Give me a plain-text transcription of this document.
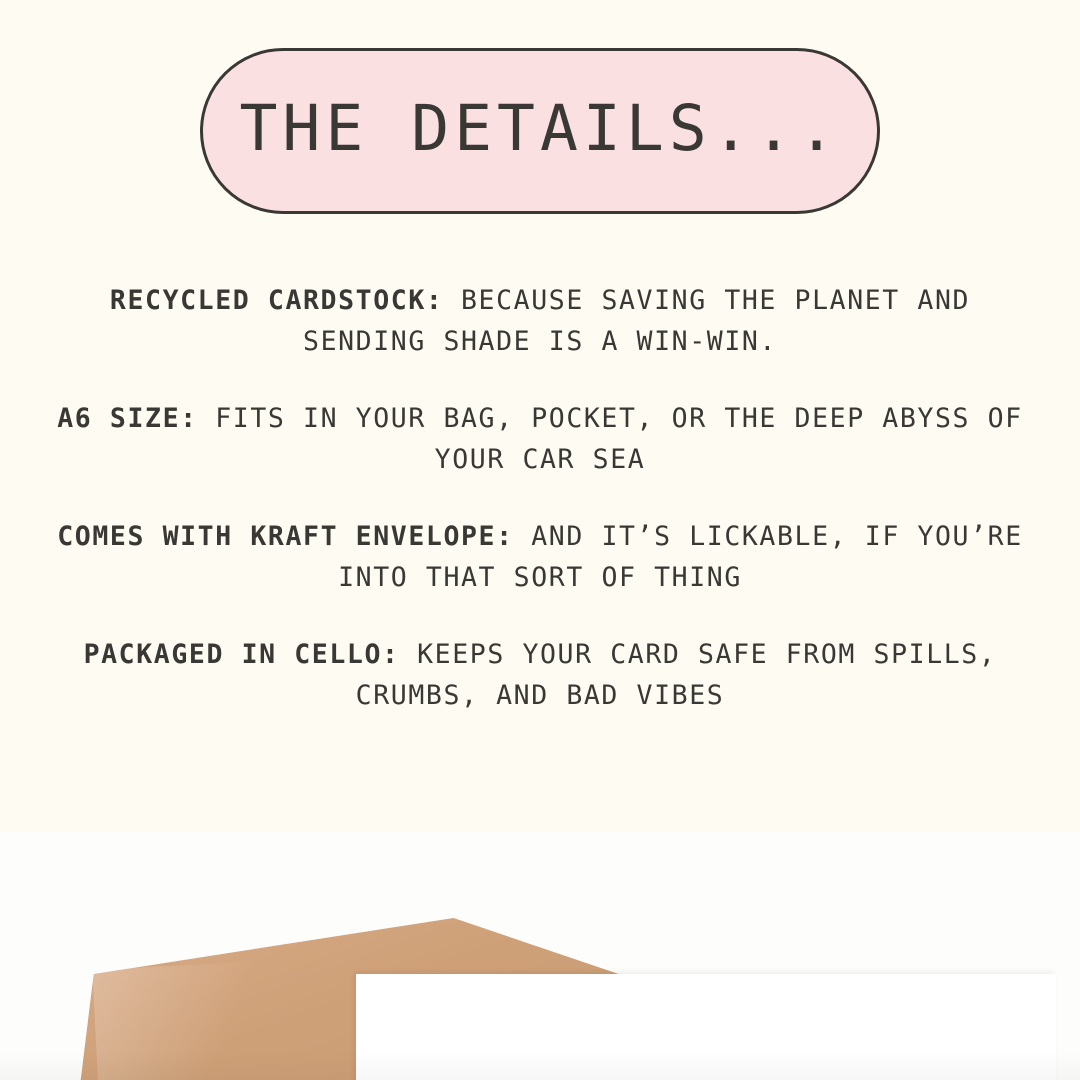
THE DETAILS...
RECYCLED CARDSTOCK: BECAUSE SAVING THE PLANET AND SENDING SHADE IS A WIN-WIN.
A6 SIZE: FITS IN YOUR BAG, POCKET, OR THE DEEP ABYSS OF YOUR CAR SEA
COMES WITH KRAFT ENVELOPE: AND IT’S LICKABLE, IF YOU’RE INTO THAT SORT OF THING
PACKAGED IN CELLO: KEEPS YOUR CARD SAFE FROM SPILLS, CRUMBS, AND BAD VIBES
